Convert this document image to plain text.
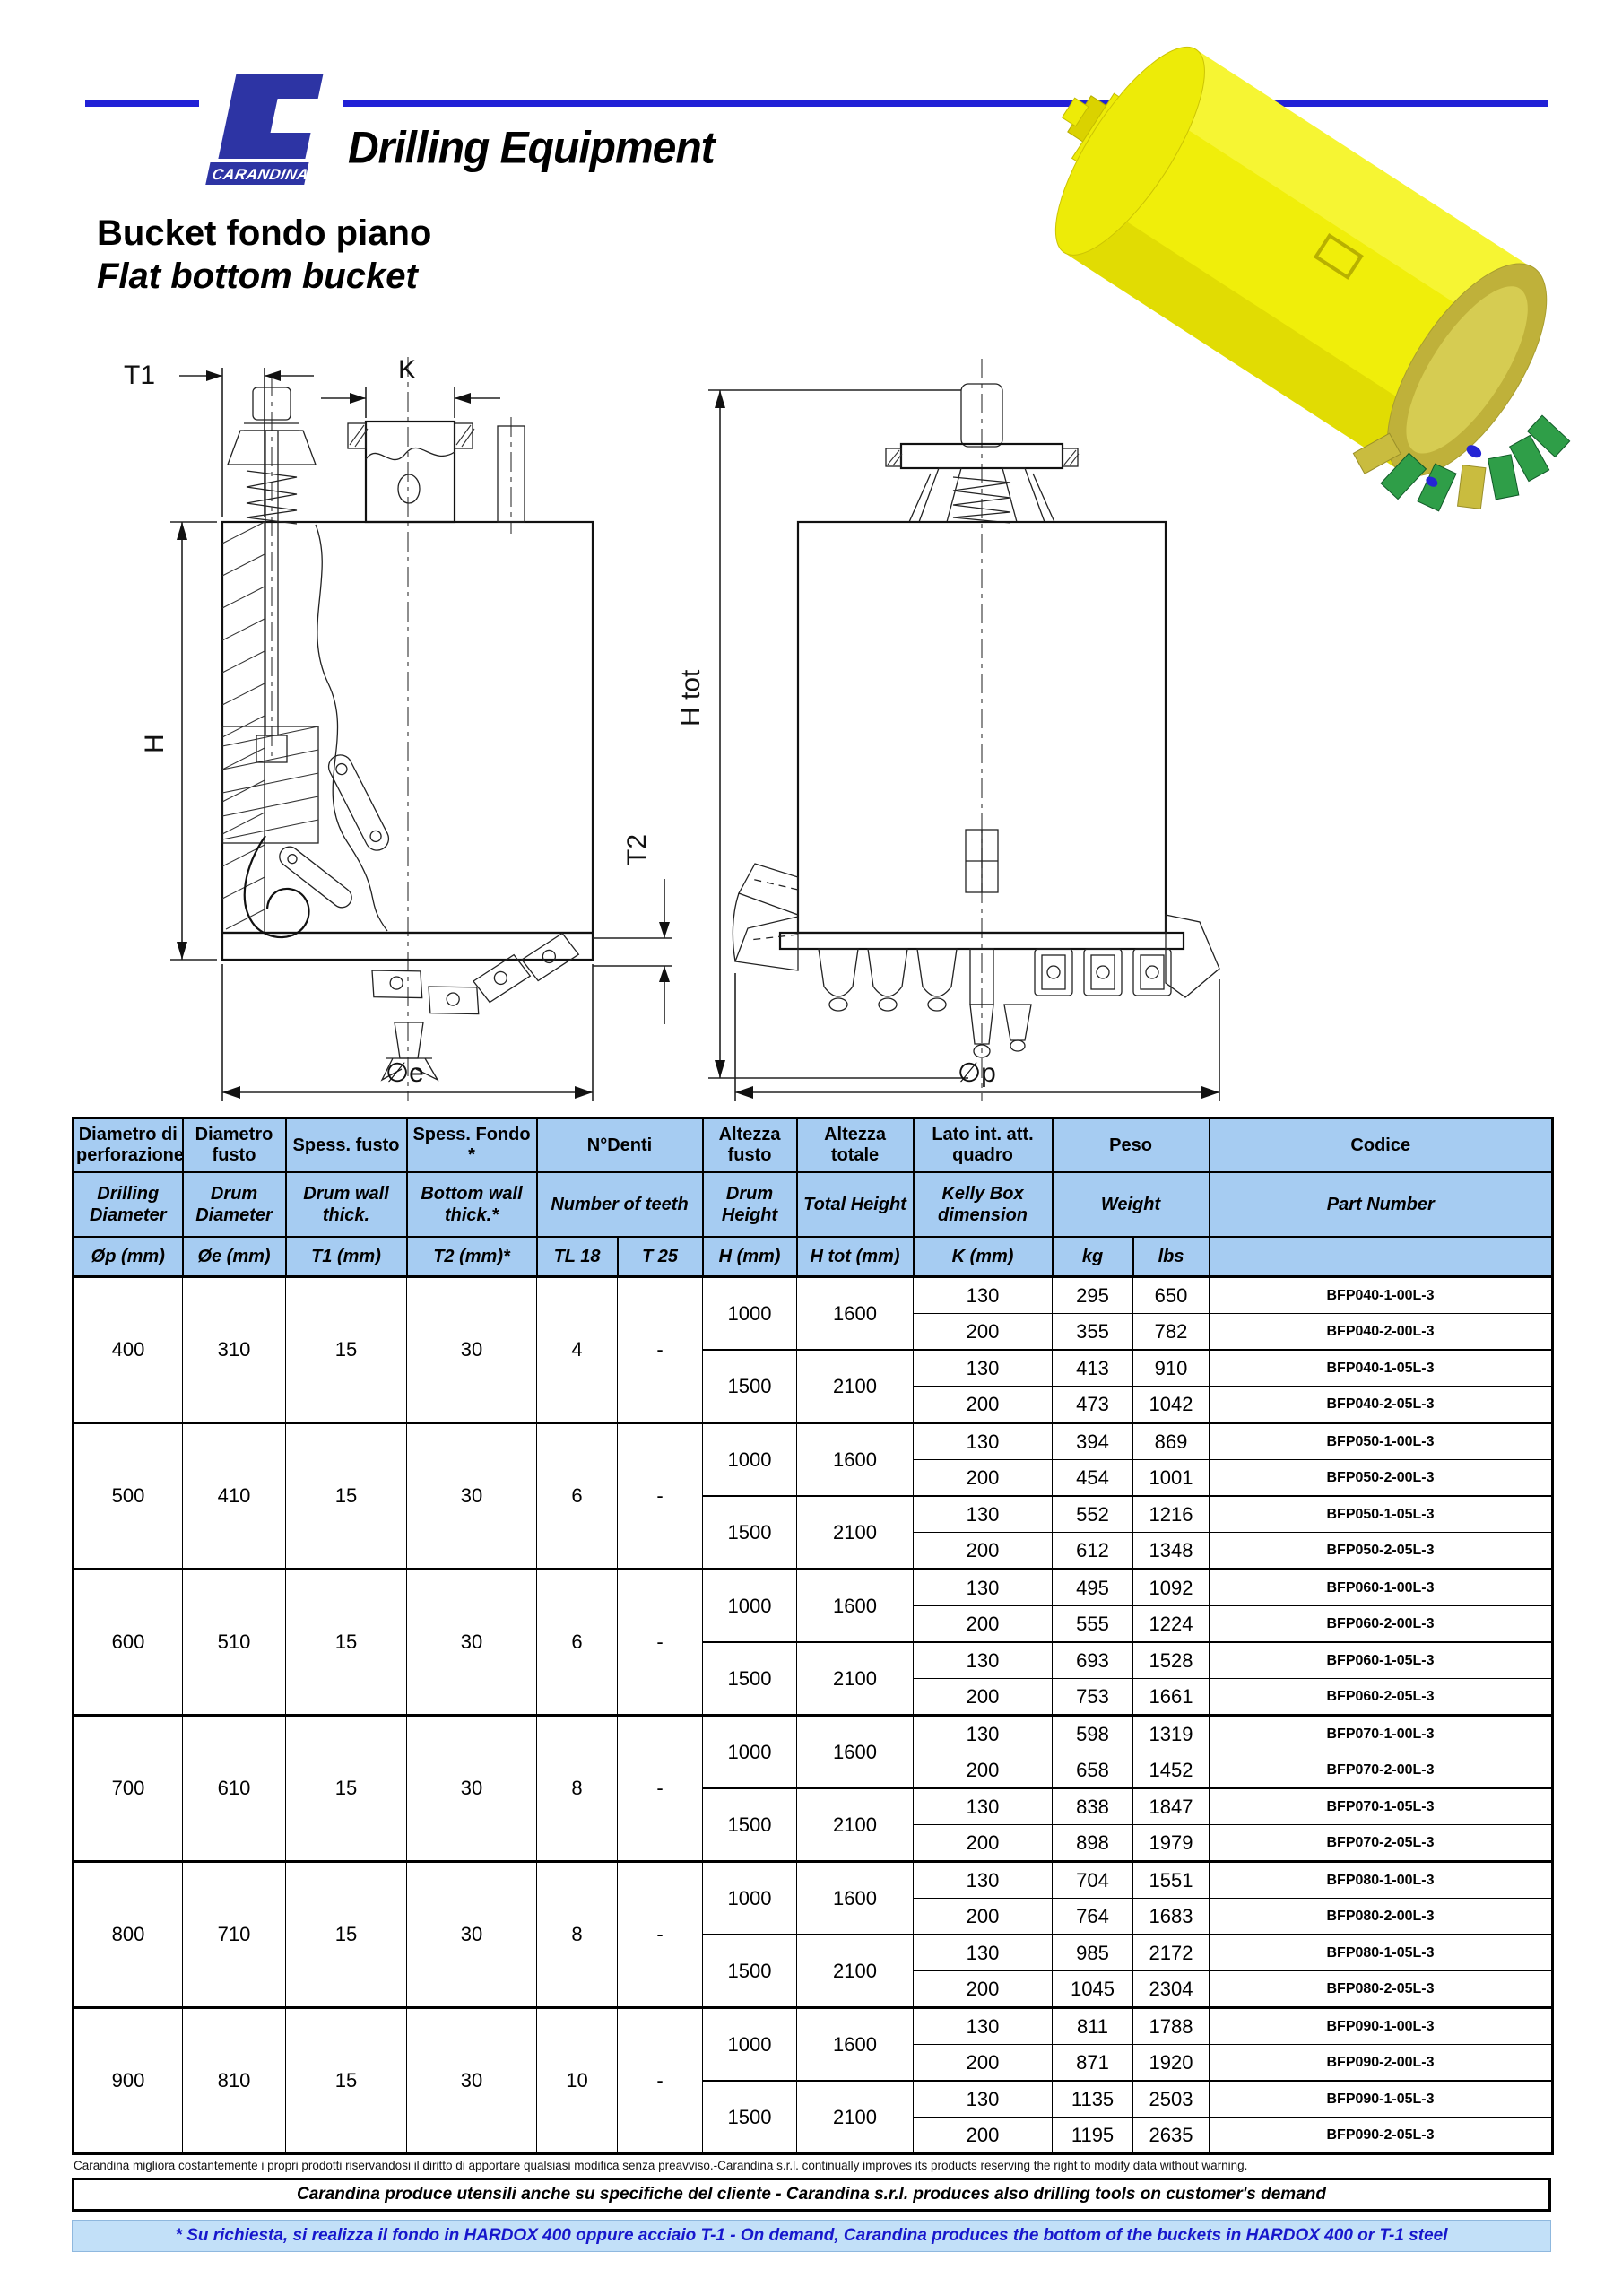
CARANDINA
Drilling Equipment
Bucket fondo piano
Flat bottom bucket
T1	K
H
T2
∅e
H tot
∅p
Diametro di perforazione	Diametro fusto	Spess. fusto	Spess. Fondo *	N°Denti		Altezza fusto	Altezza totale	Lato int. att. quadro	Peso		Codice
Drilling Diameter	Drum Diameter	Drum wall thick.	Bottom wall thick.*	Number of teeth		Drum Height	Total Height	Kelly Box dimension	Weight		Part Number
Øp (mm)	Øe (mm)	T1 (mm)	T2 (mm)*	TL 18	T 25	H (mm)	H tot (mm)	K (mm)	kg	lbs	
400	310	15	30	4	-	1000	1600	130	295	650	BFP040-1-00L-3
								200	355	782	BFP040-2-00L-3
						1500	2100	130	413	910	BFP040-1-05L-3
								200	473	1042	BFP040-2-05L-3
500	410	15	30	6	-	1000	1600	130	394	869	BFP050-1-00L-3
								200	454	1001	BFP050-2-00L-3
						1500	2100	130	552	1216	BFP050-1-05L-3
								200	612	1348	BFP050-2-05L-3
600	510	15	30	6	-	1000	1600	130	495	1092	BFP060-1-00L-3
								200	555	1224	BFP060-2-00L-3
						1500	2100	130	693	1528	BFP060-1-05L-3
								200	753	1661	BFP060-2-05L-3
700	610	15	30	8	-	1000	1600	130	598	1319	BFP070-1-00L-3
								200	658	1452	BFP070-2-00L-3
						1500	2100	130	838	1847	BFP070-1-05L-3
								200	898	1979	BFP070-2-05L-3
800	710	15	30	8	-	1000	1600	130	704	1551	BFP080-1-00L-3
								200	764	1683	BFP080-2-00L-3
						1500	2100	130	985	2172	BFP080-1-05L-3
								200	1045	2304	BFP080-2-05L-3
900	810	15	30	10	-	1000	1600	130	811	1788	BFP090-1-00L-3
								200	871	1920	BFP090-2-00L-3
						1500	2100	130	1135	2503	BFP090-1-05L-3
								200	1195	2635	BFP090-2-05L-3
Carandina migliora costantemente i propri prodotti riservandosi il diritto di apportare qualsiasi modifica senza preavviso.-Carandina s.r.l. continually improves its products reserving the right to modify data without warning.
Carandina produce utensili anche su specifiche del cliente - Carandina s.r.l. produces also drilling tools on customer's demand
* Su richiesta, si realizza il fondo in HARDOX 400 oppure acciaio T-1 - On demand, Carandina produces the bottom of the buckets in HARDOX 400 or T-1 steel
